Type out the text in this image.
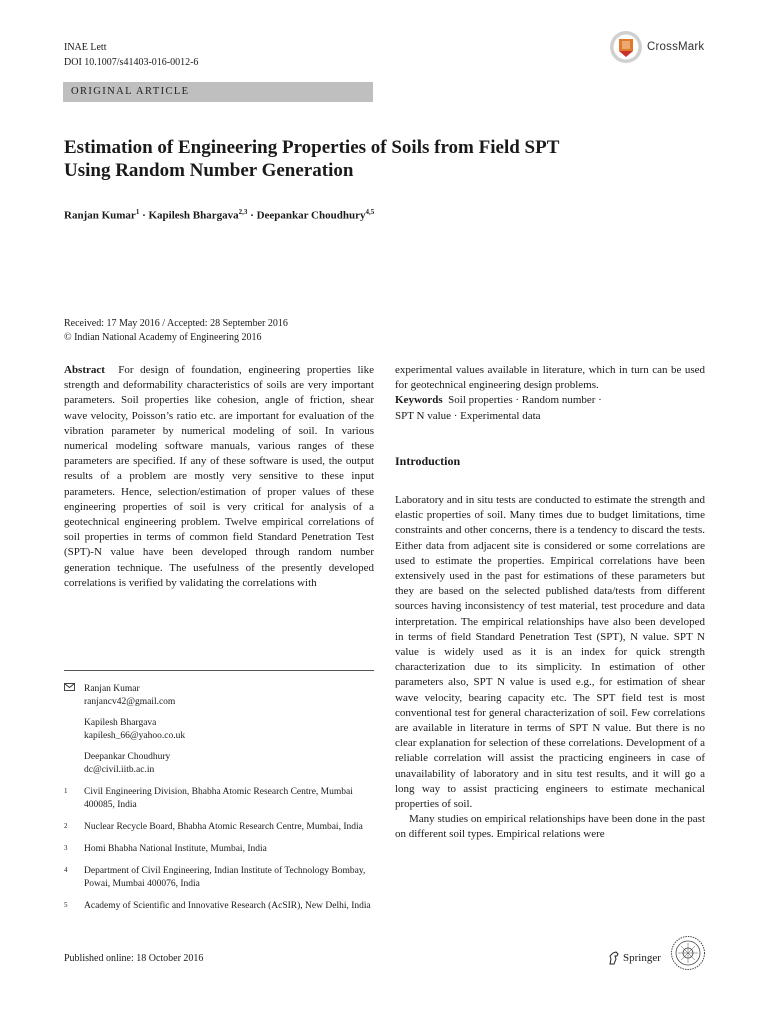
INAE Lett
DOI 10.1007/s41403-016-0012-6
CrossMark
ORIGINAL ARTICLE
Estimation of Engineering Properties of Soils from Field SPT
Using Random Number Generation
Ranjan Kumar$^1$ · Kapilesh Bhargava$^{2,3}$ · Deepankar Choudhury$^{4,5}$
Received: 17 May 2016 / Accepted: 28 September 2016
© Indian National Academy of Engineering 2016

Abstract For design of foundation, engineering properties like strength and deformability characteristics of soils are very important parameters. Soil properties like cohesion, angle of friction, shear wave velocity, Poisson’s ratio etc. are important for evaluation of the vibration parameter by numerical modeling of soil. In various numerical modeling software manuals, various ranges of these parameters are specified. If any of these software is used, the output results of a problem are mostly very sensitive to these input parameters. Hence, selection/estimation of proper values of these engineering properties of soil is very critical for analysis of a geotechnical engineering problem. Twelve empirical correlations of soil properties in terms of common field Standard Penetration Test (SPT)-N value have been developed through random number generation technique. The usefulness of the presently developed correlations is verified by validating the correlations with

experimental values available in literature, which in turn can be used for geotechnical engineering design problems.

Keywords Soil properties · Random number ·
SPT N value · Experimental data

Introduction

Laboratory and in situ tests are conducted to estimate the strength and elastic properties of soil. Many times due to budget limitations, time constraints and other concerns, there is a tendency to discard the tests. Either data from adjacent site is considered or some correlations are used to estimate the properties. Empirical correlations have been extensively used in the past for estimations of these parameters but they are based on the selected published data/tests from different sources having inconsistency of test material, test procedure and data interpretation. The empirical relationships have also been developed in terms of field Standard Penetration Test (SPT), N value. SPT N value is widely used as it is an index for quick strength characterization due to its simplicity. In estimation of other parameters also, SPT N value is used e.g., for estimation of shear wave velocity, bearing capacity etc. The SPT field test is most conventional test for general characterization of soil. Few correlations are available in literature in terms of SPT N value. But there is no clear explanation for selection of these correlations. Development of a reliable correlation will assist the practicing engineers in case of unavailability of laboratory and in situ test results, and it will go a long way to assist practicing engineers to estimate mechanical properties of soil.

Many studies on empirical relationships have been done in the past on different soil types. Empirical relations were

Ranjan Kumar
ranjancv42@gmail.com
Kapilesh Bhargava
kapilesh_66@yahoo.co.uk
Deepankar Choudhury
dc@civil.iitb.ac.in
1	Civil Engineering Division, Bhabha Atomic Research Centre, Mumbai 400085, India
2	Nuclear Recycle Board, Bhabha Atomic Research Centre, Mumbai, India
3	Homi Bhabha National Institute, Mumbai, India
4	Department of Civil Engineering, Indian Institute of Technology Bombay, Powai, Mumbai 400076, India
5	Academy of Scientific and Innovative Research (AcSIR), New Delhi, India
Published online: 18 October 2016	Springer
